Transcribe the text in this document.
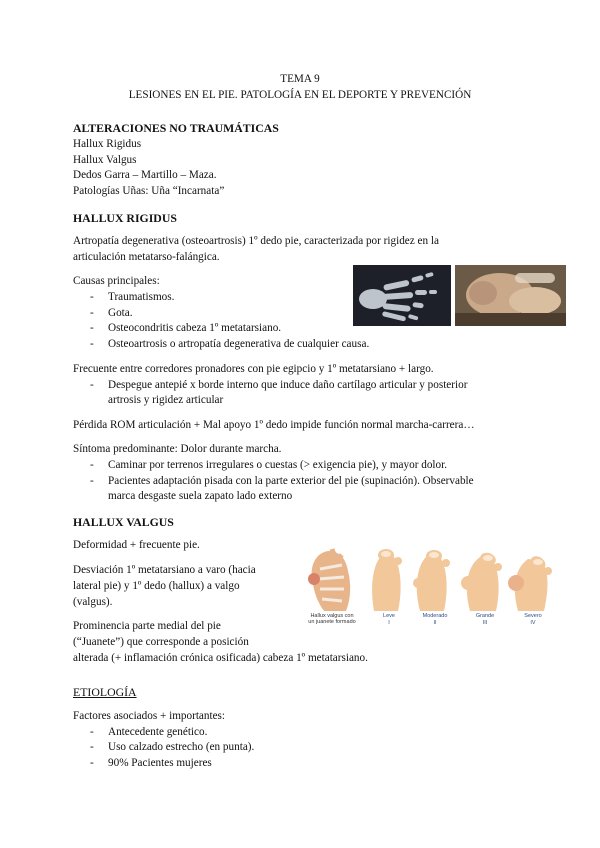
TEMA 9
LESIONES EN EL PIE. PATOLOGÍA EN EL DEPORTE Y PREVENCIÓN
ALTERACIONES NO TRAUMÁTICAS
Hallux Rigidus
Hallux Valgus
Dedos Garra – Martillo – Maza.
Patologías Uñas: Uña “Incarnata”
HALLUX RIGIDUS
Artropatía degenerativa (osteoartrosis) 1º dedo pie, caracterizada por rigidez en la
articulación metatarso-falángica.
Causas principales:
- Traumatismos.
- Gota.
- Osteocondritis cabeza 1º metatarsiano.
- Osteoartrosis o artropatía degenerativa de cualquier causa.
Frecuente entre corredores pronadores con pie egipcio y 1º metatarsiano + largo.
- Despegue antepié x borde interno que induce daño cartílago articular y posterior
artrosis y rigidez articular
Pérdida ROM articulación + Mal apoyo 1º dedo impide función normal marcha-carrera…
Síntoma predominante: Dolor durante marcha.
- Caminar por terrenos irregulares o cuestas (> exigencia pie), y mayor dolor.
- Pacientes adaptación pisada con la parte exterior del pie (supinación). Observable
marca desgaste suela zapato lado externo
HALLUX VALGUS
Deformidad + frecuente pie.
Desviación 1º metatarsiano a varo (hacia
lateral pie) y 1º dedo (hallux) a valgo
(valgus).
Prominencia parte medial del pie
(“Juanete”) que corresponde a posición
alterada (+ inflamación crónica osificada) cabeza 1º metatarsiano.
Hallux valgus con
un juanete formado
Leve
I
Moderado
II
Grande
III
Severo
IV
ETIOLOGÍA
Factores asociados + importantes:
- Antecedente genético.
- Uso calzado estrecho (en punta).
- 90% Pacientes mujeres
